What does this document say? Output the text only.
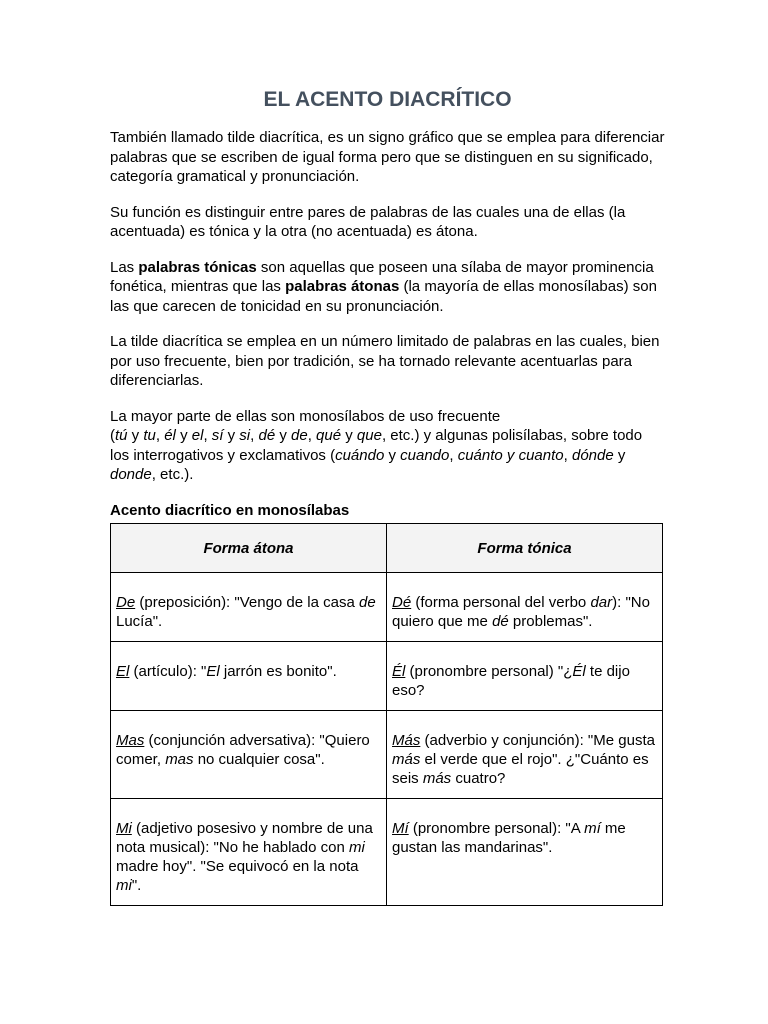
EL ACENTO DIACRÍTICO

También llamado tilde diacrítica, es un signo gráfico que se emplea para diferenciar palabras que se escriben de igual forma pero que se distinguen en su significado, categoría gramatical y pronunciación.

Su función es distinguir entre pares de palabras de las cuales una de ellas (la acentuada) es tónica y la otra (no acentuada) es átona.

Las palabras tónicas son aquellas que poseen una sílaba de mayor prominencia fonética, mientras que las palabras átonas (la mayoría de ellas monosílabas) son las que carecen de tonicidad en su pronunciación.

La tilde diacrítica se emplea en un número limitado de palabras en las cuales, bien por uso frecuente, bien por tradición, se ha tornado relevante acentuarlas para diferenciarlas.

La mayor parte de ellas son monosílabos de uso frecuente
(tú y tu, él y el, sí y si, dé y de, qué y que, etc.) y algunas polisílabas, sobre todo los interrogativos y exclamativos (cuándo y cuando, cuánto y cuanto, dónde y donde, etc.).

Acento diacrítico en monosílabas
Forma átona	Forma tónica
De (preposición): "Vengo de la casa de Lucía".	Dé (forma personal del verbo dar): "No quiero que me dé problemas".
El (artículo): "El jarrón es bonito".	Él (pronombre personal) "¿Él te dijo eso?
Mas (conjunción adversativa): "Quiero comer, mas no cualquier cosa".	Más (adverbio y conjunción): "Me gusta más el verde que el rojo". ¿"Cuánto es seis más cuatro?
Mi (adjetivo posesivo y nombre de una nota musical): "No he hablado con mi madre hoy". "Se equivocó en la nota mi".	Mí (pronombre personal): "A mí me gustan las mandarinas".
